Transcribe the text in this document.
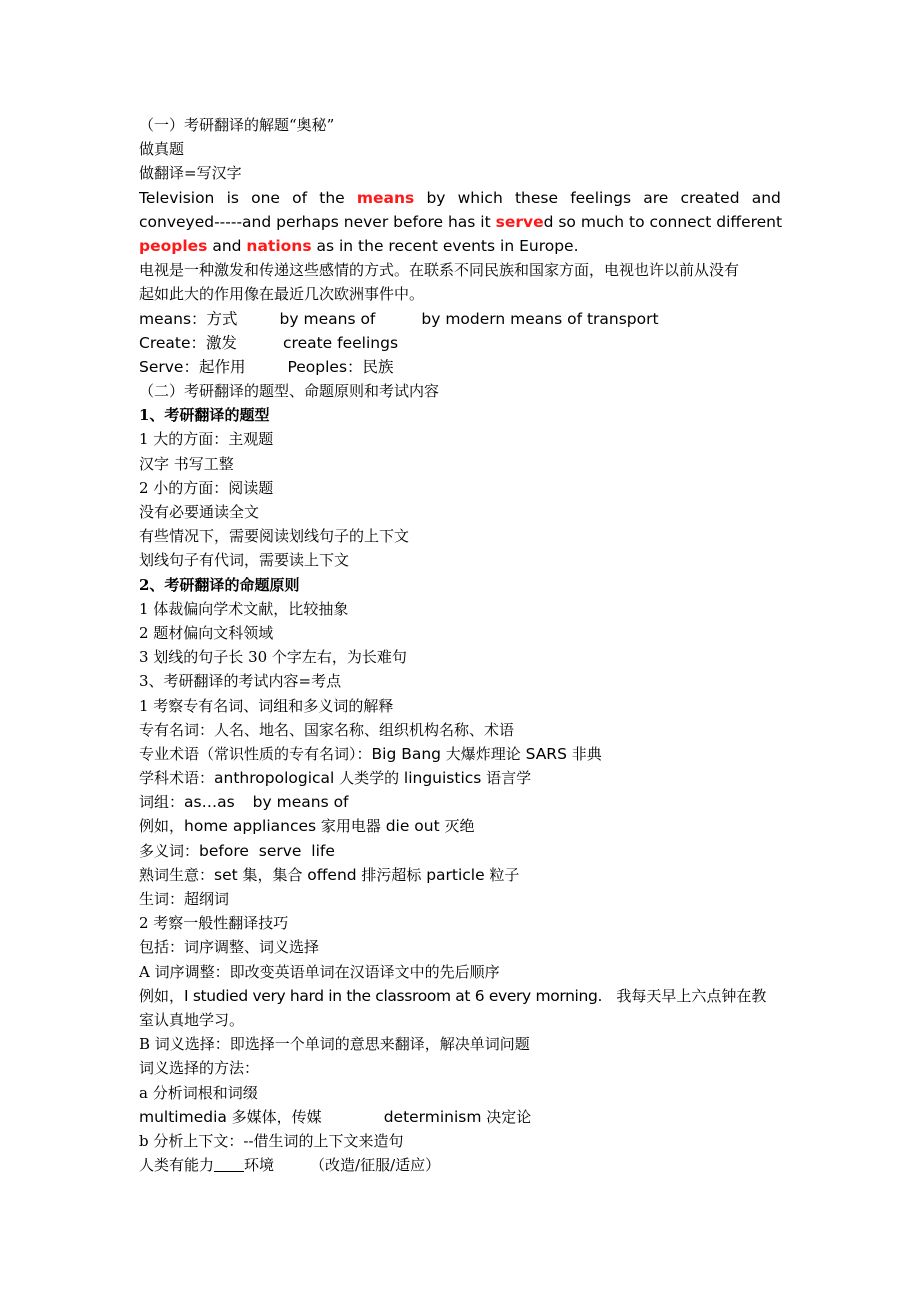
（一）考研翻译的解题“奥秘”
做真题
做翻译=写汉字
Television is one of the means by which these feelings are created and
conveyed-----and perhaps never before has it served so much to connect different
peoples and nations as in the recent events in Europe.
电视是一种激发和传递这些感情的方式。在联系不同民族和国家方面，电视也许以前从没有
起如此大的作用像在最近几次欧洲事件中。
means：方式	by means of	by modern means of transport
Create：激发	create feelings
Serve：起作用	Peoples：民族
（二）考研翻译的题型、命题原则和考试内容
1、考研翻译的题型
1 大的方面：主观题
汉字 书写工整
2 小的方面：阅读题
没有必要通读全文
有些情况下，需要阅读划线句子的上下文
划线句子有代词，需要读上下文
2、考研翻译的命题原则
1 体裁偏向学术文献，比较抽象
2 题材偏向文科领域
3 划线的句子长 30 个字左右，为长难句
3、考研翻译的考试内容=考点
1 考察专有名词、词组和多义词的解释
专有名词：人名、地名、国家名称、组织机构名称、术语
专业术语（常识性质的专有名词）：Big Bang 大爆炸理论 SARS 非典
学科术语：anthropological 人类学的 linguistics 语言学
词组：as…as by means of
例如，home appliances 家用电器 die out 灭绝
多义词：before  serve  life
熟词生意：set 集，集合 offend 排污超标 particle 粒子
生词：超纲词
2 考察一般性翻译技巧
包括：词序调整、词义选择
A 词序调整：即改变英语单词在汉语译文中的先后顺序
例如，I studied very hard in the classroom at 6 every morning.   我每天早上六点钟在教
室认真地学习。
B 词义选择：即选择一个单词的意思来翻译，解决单词问题
词义选择的方法：
a 分析词根和词缀
multimedia 多媒体，传媒	determinism 决定论
b 分析上下文：--借生词的上下文来造句
人类有能力 环境 （改造/征服/适应）
